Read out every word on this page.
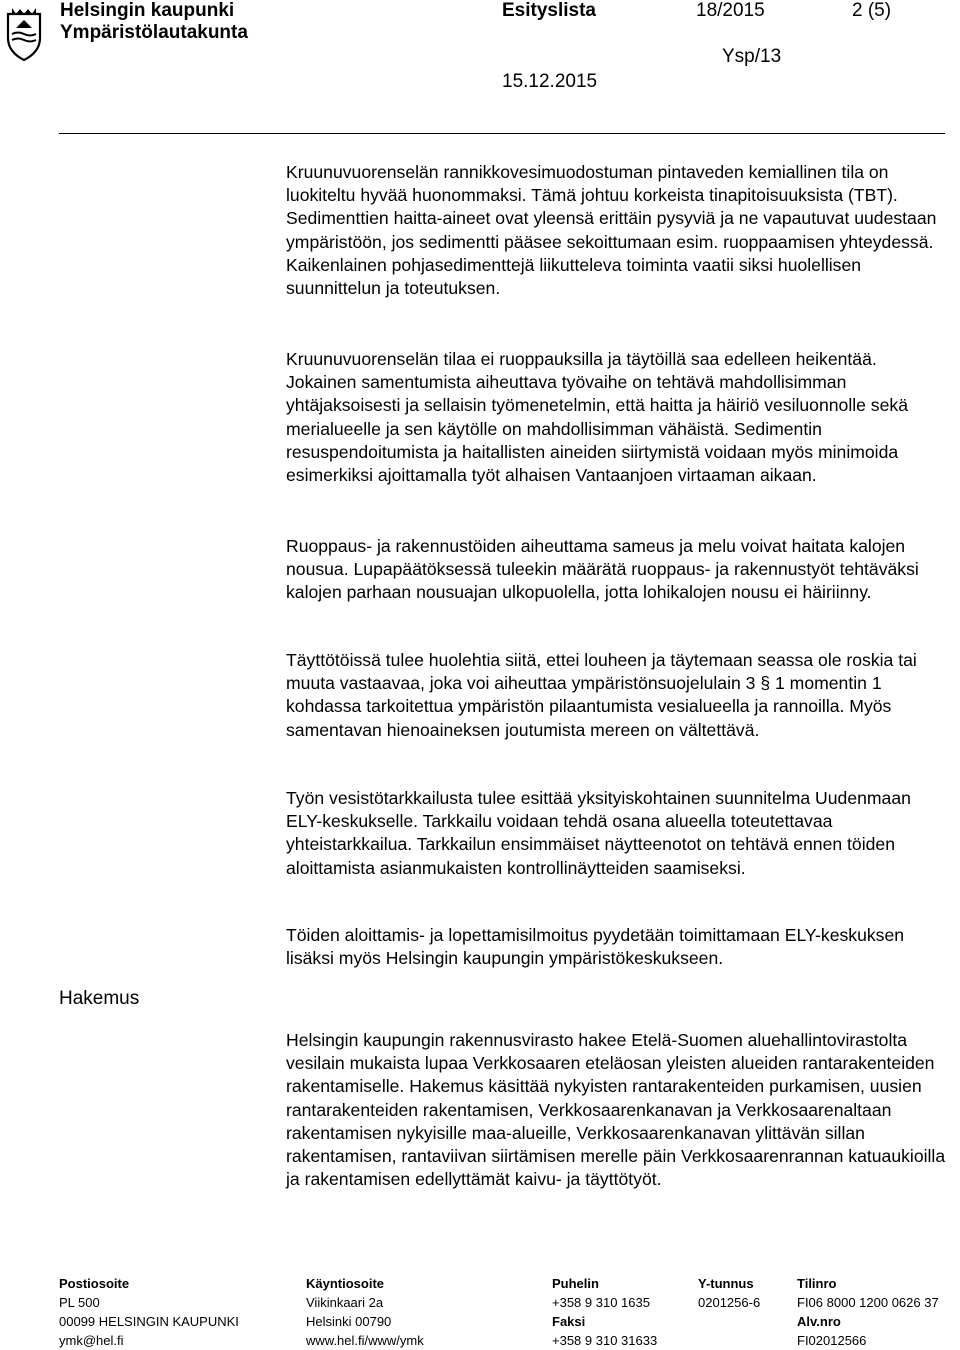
Helsingin kaupunki
Ympäristölautakunta
Esityslista	18/2015	2 (5)
Ysp/13
15.12.2015

Kruunuvuorenselän rannikkovesimuodostuman pintaveden kemiallinen tila on luokiteltu hyvää huonommaksi. Tämä johtuu korkeista tinapitoisuuksista (TBT). Sedimenttien haitta-aineet ovat yleensä erittäin pysyviä ja ne vapautuvat uudestaan ympäristöön, jos sedimentti pääsee sekoittumaan esim. ruoppaamisen yhteydessä. Kaikenlainen pohjasedimenttejä liikutteleva toiminta vaatii siksi huolellisen suunnittelun ja toteutuksen.

Kruunuvuorenselän tilaa ei ruoppauksilla ja täytöillä saa edelleen heikentää. Jokainen samentumista aiheuttava työvaihe on tehtävä mahdollisimman yhtäjaksoisesti ja sellaisin työmenetelmin, että haitta ja häiriö vesiluonnolle sekä merialueelle ja sen käytölle on mahdollisimman vähäistä. Sedimentin resuspendoitumista ja haitallisten aineiden siirtymistä voidaan myös minimoida esimerkiksi ajoittamalla työt alhaisen Vantaanjoen virtaaman aikaan.

Ruoppaus- ja rakennustöiden aiheuttama sameus ja melu voivat haitata kalojen nousua. Lupapäätöksessä tuleekin määrätä ruoppaus- ja rakennustyöt tehtäväksi kalojen parhaan nousuajan ulkopuolella, jotta lohikalojen nousu ei häiriinny.

Täyttötöissä tulee huolehtia siitä, ettei louheen ja täytemaan seassa ole roskia tai muuta vastaavaa, joka voi aiheuttaa ympäristönsuojelulain 3 § 1 momentin 1 kohdassa tarkoitettua ympäristön pilaantumista vesialueella ja rannoilla. Myös samentavan hienoaineksen joutumista mereen on vältettävä.

Työn vesistötarkkailusta tulee esittää yksityiskohtainen suunnitelma Uudenmaan ELY-keskukselle. Tarkkailu voidaan tehdä osana alueella toteutettavaa yhteistarkkailua. Tarkkailun ensimmäiset näytteenotot on tehtävä ennen töiden aloittamista asianmukaisten kontrollinäytteiden saamiseksi.

Töiden aloittamis- ja lopettamisilmoitus pyydetään toimittamaan ELY-keskuksen lisäksi myös Helsingin kaupungin ympäristökeskukseen.

Hakemus

Helsingin kaupungin rakennusvirasto hakee Etelä-Suomen aluehallintovirastolta vesilain mukaista lupaa Verkkosaaren eteläosan yleisten alueiden rantarakenteiden rakentamiselle. Hakemus käsittää nykyisten rantarakenteiden purkamisen, uusien rantarakenteiden rakentamisen, Verkkosaarenkanavan ja Verkkosaarenaltaan rakentamisen nykyisille maa-alueille, Verkkosaarenkanavan ylittävän sillan rakentamisen, rantaviivan siirtämisen merelle päin Verkkosaarenrannan katuaukioilla ja rakentamisen edellyttämät kaivu- ja täyttötyöt.

Postiosoite
PL 500
00099 HELSINGIN KAUPUNKI
ymk@hel.fi
Käyntiosoite
Viikinkaari 2a
Helsinki 00790
www.hel.fi/www/ymk
Puhelin
+358 9 310 1635
Faksi
+358 9 310 31633
Y-tunnus
0201256-6
Tilinro
FI06 8000 1200 0626 37
Alv.nro
FI02012566
